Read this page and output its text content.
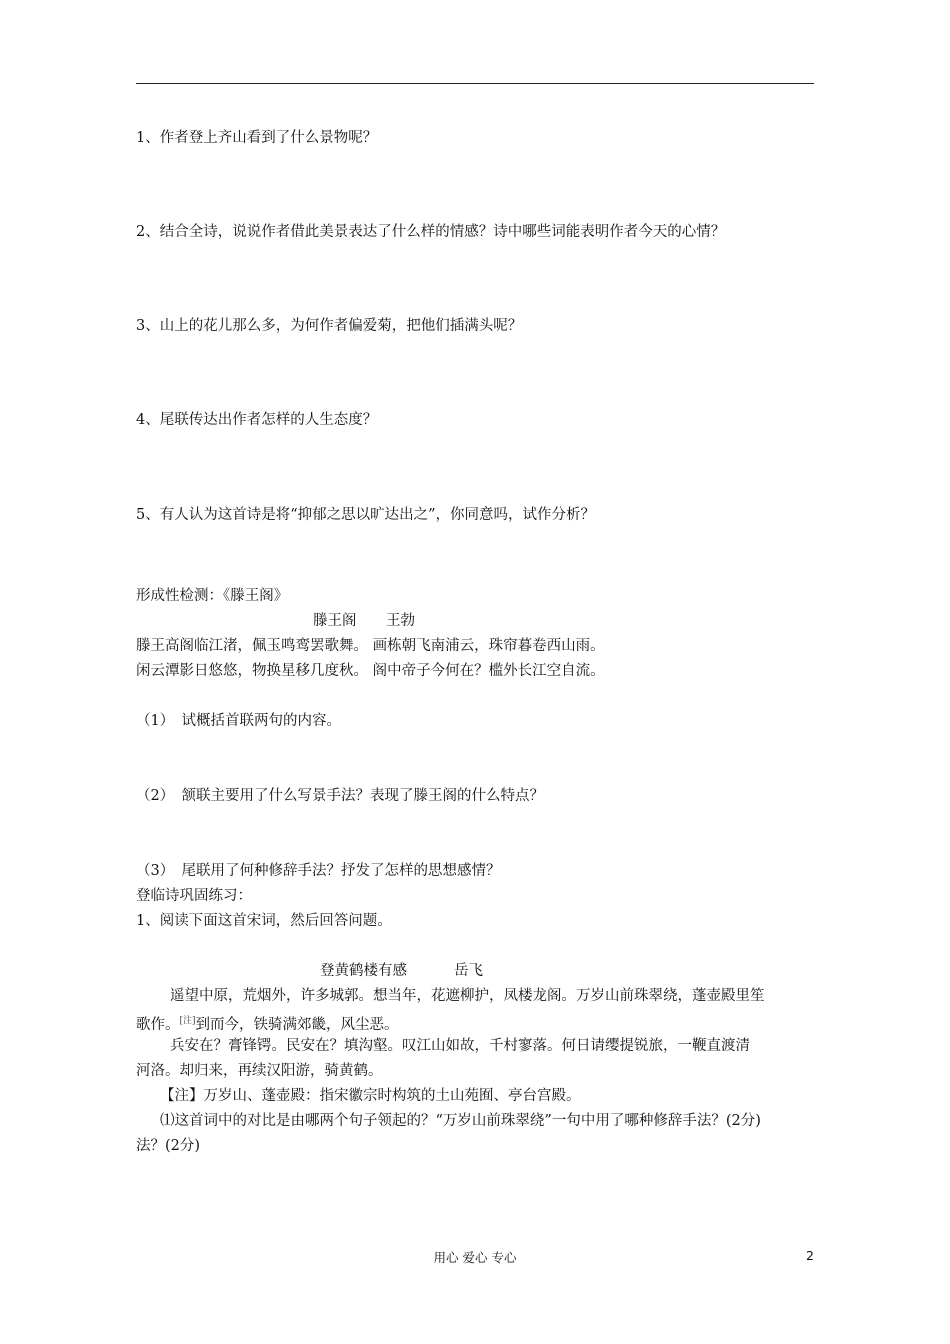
1、作者登上齐山看到了什么景物呢？
2、结合全诗，说说作者借此美景表达了什么样的情感？诗中哪些词能表明作者今天的心情？
3、山上的花儿那么多，为何作者偏爱菊，把他们插满头呢？
4、尾联传达出作者怎样的人生态度？
5、有人认为这首诗是将“抑郁之思以旷达出之”，你同意吗，试作分析？
形成性检测：《滕王阁》
滕王阁 王勃
滕王高阁临江渚，佩玉鸣鸾罢歌舞。 画栋朝飞南浦云，珠帘暮卷西山雨。
闲云潭影日悠悠，物换星移几度秋。 阁中帝子今何在？槛外长江空自流。
（1）　试概括首联两句的内容。
（2）　颔联主要用了什么写景手法？表现了滕王阁的什么特点？
（3）　尾联用了何种修辞手法？抒发了怎样的思想感情？
登临诗巩固练习：
1、阅读下面这首宋词，然后回答问题。
登黄鹤楼有感	岳飞
遥望中原，荒烟外，许多城郭。想当年，花遮柳护，凤楼龙阁。万岁山前珠翠绕，蓬壶殿里笙
歌作。[注]到而今，铁骑满郊畿，风尘恶。
兵安在？膏锋锷。民安在？填沟壑。叹江山如故，千村寥落。何日请缨提锐旅，一鞭直渡清
河洛。却归来，再续汉阳游，骑黄鹤。
【注】万岁山、蓬壶殿：指宋徽宗时构筑的土山苑囿、亭台宫殿。
⑴这首词中的对比是由哪两个句子领起的？“万岁山前珠翠绕”一句中用了哪种修辞手法？(2分)
法？(2分)
用心 爱心 专心	2
